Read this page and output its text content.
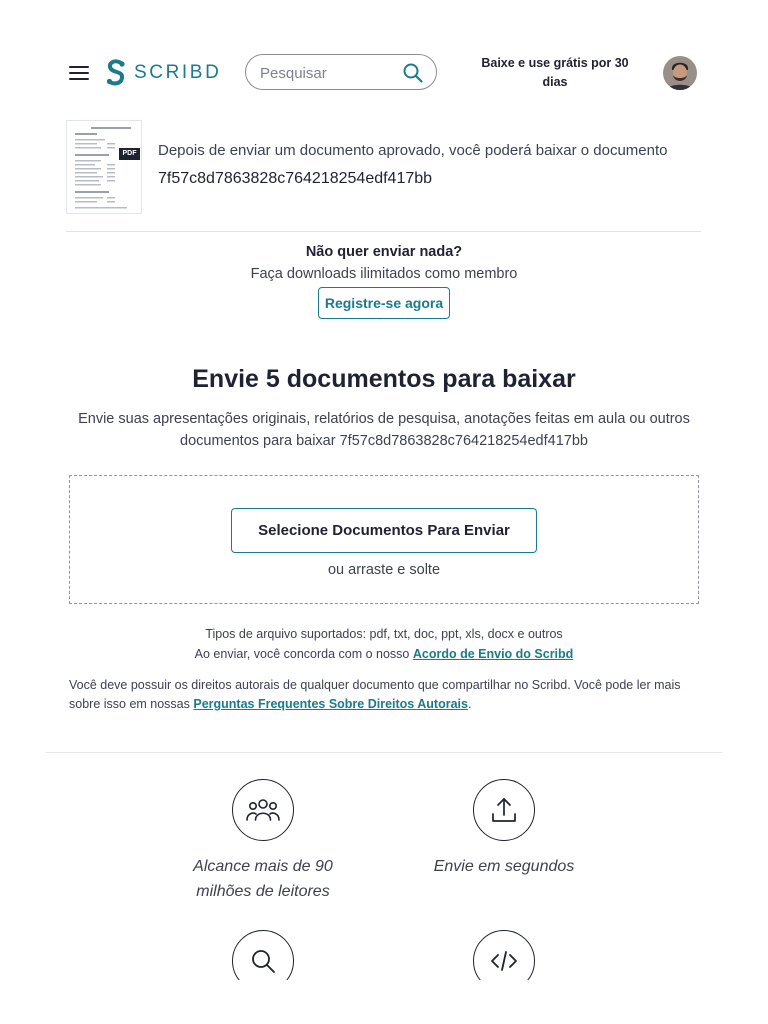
SCRIBD
Pesquisar	Baixe e use grátis por 30 dias
PDF Depois de enviar um documento aprovado, você poderá baixar o documento
7f57c8d7863828c764218254edf417bb
Não quer enviar nada?
Faça downloads ilimitados como membro
Registre-se agora
Envie 5 documentos para baixar
Envie suas apresentações originais, relatórios de pesquisa, anotações feitas em aula ou outros documentos para baixar 7f57c8d7863828c764218254edf417bb
Selecione Documentos Para Enviar
ou arraste e solte
Tipos de arquivo suportados: pdf, txt, doc, ppt, xls, docx e outros
Ao enviar, você concorda com o nosso Acordo de Envio do Scribd
Você deve possuir os direitos autorais de qualquer documento que compartilhar no Scribd. Você pode ler mais sobre isso em nossas Perguntas Frequentes Sobre Direitos Autorais.
Alcance mais de 90 milhões de leitores
Envie em segundos
